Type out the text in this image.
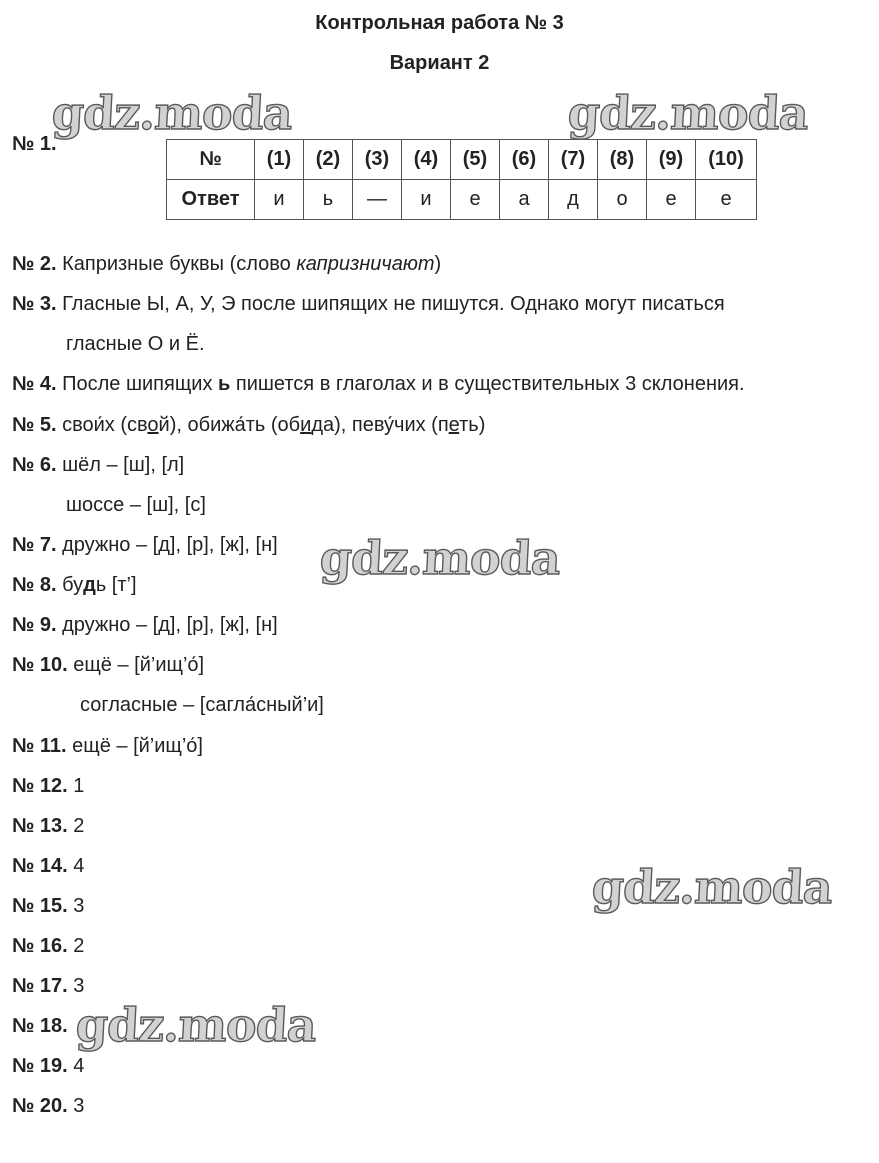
Контрольная работа № 3
Вариант 2
№ 1.
№	(1)	(2)	(3)	(4)	(5)	(6)	(7)	(8)	(9)	(10)
Ответ	и	ь	—	и	е	а	д	о	е	е
№ 2. Капризные буквы (слово капризничают)
№ 3. Гласные Ы, А, У, Э после шипящих не пишутся. Однако могут писаться
гласные О и Ё.
№ 4. После шипящих ь пишется в глаголах и в существительных 3 склонения.
№ 5. свои́х (свой), обижа́ть (обида), певу́чих (петь)
№ 6. шёл – [ш], [л]
шоссе – [ш], [с]
№ 7. дружно – [д], [р], [ж], [н]
№ 8. будь [т’]
№ 9. дружно – [д], [р], [ж], [н]
№ 10. ещё – [й’ищ’о́]
согласные – [сагла́сный’и]
№ 11. ещё – [й’ищ’о́]
№ 12. 1
№ 13. 2
№ 14. 4
№ 15. 3
№ 16. 2
№ 17. 3
№ 18.
№ 19. 4
№ 20. 3
gdz.moda	gdz.moda
gdz.moda
gdz.moda
gdz.moda
